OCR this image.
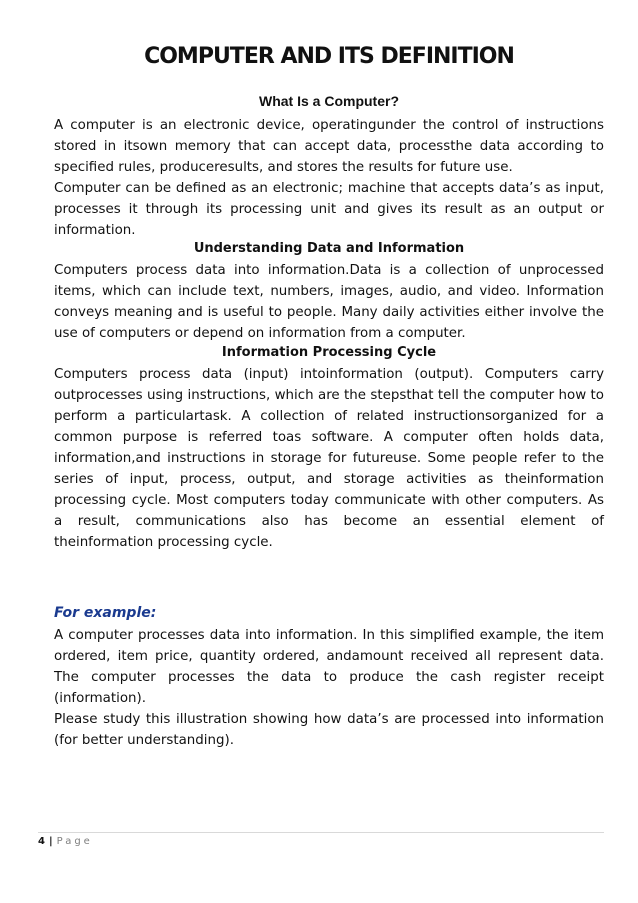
COMPUTER AND ITS DEFINITION
What Is a Computer?

A computer is an electronic device, operatingunder the control of instructions stored in itsown memory that can accept data, processthe data according to specified rules, produceresults, and stores the results for future use.

Computer can be defined as an electronic; machine that accepts data’s as input, processes it through its processing unit and gives its result as an output or information.

Understanding Data and Information

Computers process data into information.Data is a collection of unprocessed items, which can include text, numbers, images, audio, and video. Information conveys meaning and is useful to people. Many daily activities either involve the use of computers or depend on information from a computer.

Information Processing Cycle

Computers process data (input) intoinformation (output). Computers carry outprocesses using instructions, which are the stepsthat tell the computer how to perform a particulartask. A collection of related instructionsorganized for a common purpose is referred toas software. A computer often holds data, information,and instructions in storage for futureuse. Some people refer to the series of input, process, output, and storage activities as theinformation processing cycle. Most computers today communicate with other computers. As a result, communications also has become an essential element of theinformation processing cycle.

For example:

A computer processes data into information. In this simplified example, the item ordered, item price, quantity ordered, andamount received all represent data. The computer processes the data to produce the cash register receipt (information).

Please study this illustration showing how data’s are processed into information (for better understanding).

4 | Page
